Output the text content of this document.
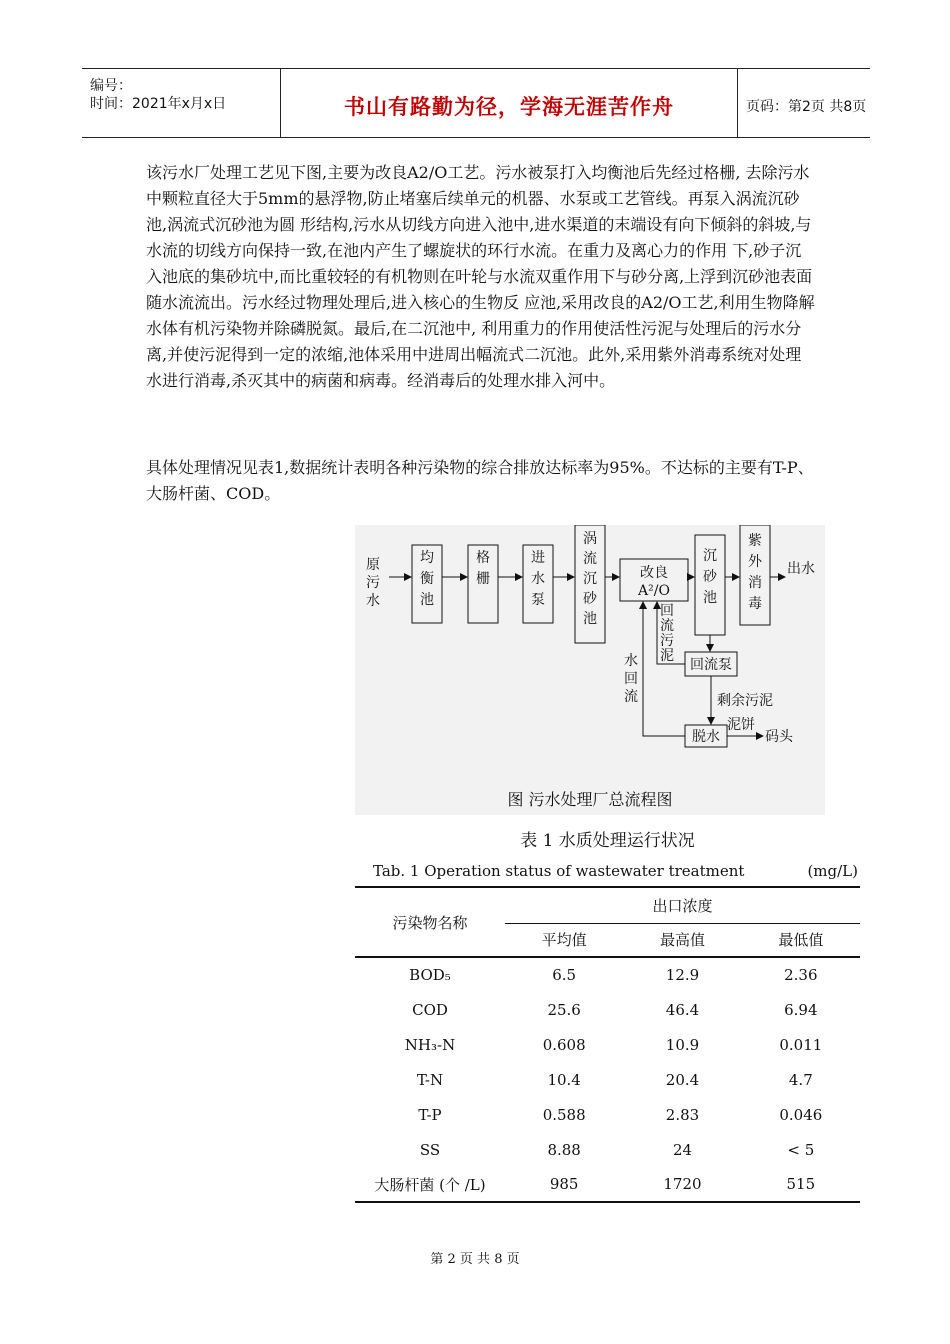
编号：
时间：2021年x月x日	书山有路勤为径，学海无涯苦作舟	页码：第2页 共8页

该污水厂处理工艺见下图,主要为改良A2/O工艺。污水被泵打入均衡池后先经过格栅, 去除污水中颗粒直径大于5mm的悬浮物,防止堵塞后续单元的机器、水泵或工艺管线。再泵入涡流沉砂池,涡流式沉砂池为圆 形结构,污水从切线方向进入池中,进水渠道的末端设有向下倾斜的斜坡,与水流的切线方向保持一致,在池内产生了螺旋状的环行水流。在重力及离心力的作用 下,砂子沉入池底的集砂坑中,而比重较轻的有机物则在叶轮与水流双重作用下与砂分离,上浮到沉砂池表面随水流流出。污水经过物理处理后,进入核心的生物反 应池,采用改良的A2/O工艺,利用生物降解水体有机污染物并除磷脱氮。最后,在二沉池中, 利用重力的作用使活性污泥与处理后的污水分离,并使污泥得到一定的浓缩,池体采用中进周出幅流式二沉池。此外,采用紫外消毒系统对处理水进行消毒,杀灭其中的病菌和病毒。经消毒后的处理水排入河中。

具体处理情况见表1,数据统计表明各种污染物的综合排放达标率为95%。不达标的主要有T-P、大肠杆菌、COD。

原污水
均衡池
格栅
进水泵
涡流沉砂池
改良
A²/O
沉砂池
紫外消毒
回流泵
脱水
出水
回流污泥
剩余污泥
水回流
泥饼
码头
图 污水处理厂总流程图
表 1 水质处理运行状况
Tab. 1 Operation status of wastewater treatment	(mg/L)
污染物名称	出口浓度		
	平均值	最高值	最低值
BOD₅	6.5	12.9	2.36
COD	25.6	46.4	6.94
NH₃-N	0.608	10.9	0.011
T-N	10.4	20.4	4.7
T-P	0.588	2.83	0.046
SS	8.88	24	< 5
大肠杆菌 (个 /L)	985	1720	515
第 2 页 共 8 页
